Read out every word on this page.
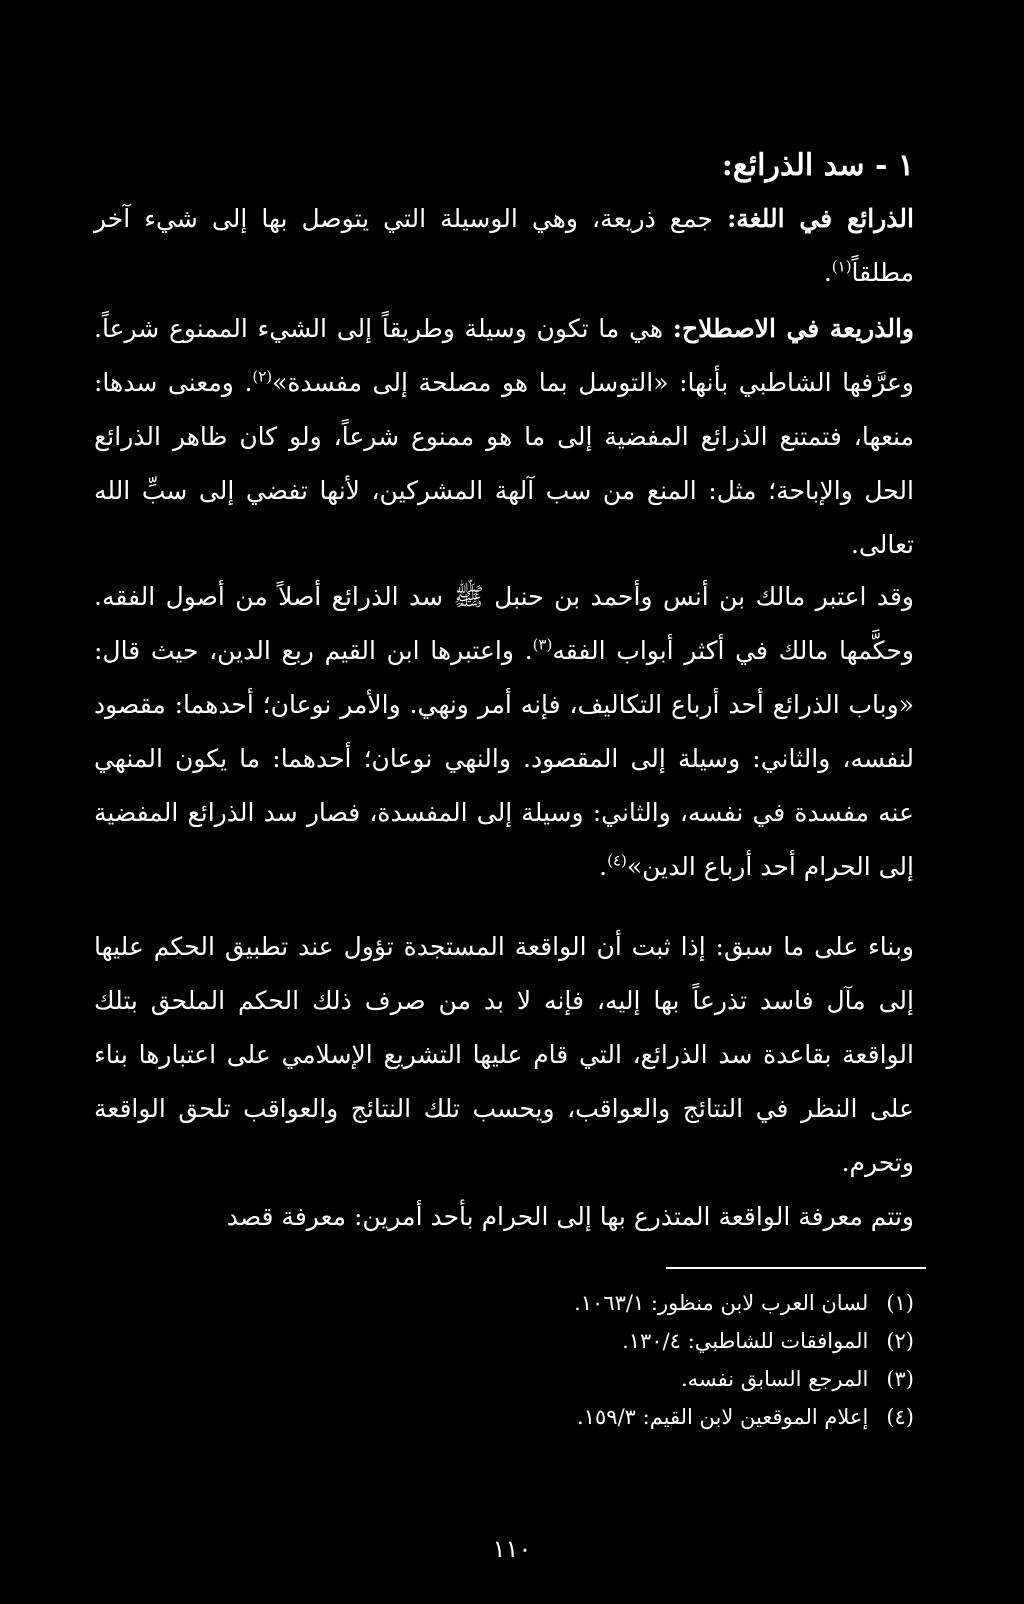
١ - سد الذرائع:

الذرائع في اللغة: جمع ذريعة، وهي الوسيلة التي يتوصل بها إلى شيء آخر مطلقاً$^{(١)}$.

والذريعة في الاصطلاح: هي ما تكون وسيلة وطريقاً إلى الشيء الممنوع شرعاً. وعرَّفها الشاطبي بأنها: «التوسل بما هو مصلحة إلى مفسدة»$^{(٢)}$. ومعنى سدها: منعها، فتمتنع الذرائع المفضية إلى ما هو ممنوع شرعاً، ولو كان ظاهر الذرائع الحل والإباحة؛ مثل: المنع من سب آلهة المشركين، لأنها تفضي إلى سبِّ الله تعالى.

وقد اعتبر مالك بن أنس وأحمد بن حنبل ﷺ سد الذرائع أصلاً من أصول الفقه. وحكَّمها مالك في أكثر أبواب الفقه$^{(٣)}$. واعتبرها ابن القيم ربع الدين، حيث قال: «وباب الذرائع أحد أرباع التكاليف، فإنه أمر ونهي. والأمر نوعان؛ أحدهما: مقصود لنفسه، والثاني: وسيلة إلى المقصود. والنهي نوعان؛ أحدهما: ما يكون المنهي عنه مفسدة في نفسه، والثاني: وسيلة إلى المفسدة، فصار سد الذرائع المفضية إلى الحرام أحد أرباع الدين»$^{(٤)}$.

وبناء على ما سبق: إذا ثبت أن الواقعة المستجدة تؤول عند تطبيق الحكم عليها إلى مآل فاسد تذرعاً بها إليه، فإنه لا بد من صرف ذلك الحكم الملحق بتلك الواقعة بقاعدة سد الذرائع، التي قام عليها التشريع الإسلامي على اعتبارها بناء على النظر في النتائج والعواقب، ويحسب تلك النتائج والعواقب تلحق الواقعة وتحرم.

وتتم معرفة الواقعة المتذرع بها إلى الحرام بأحد أمرين: معرفة قصد

(١)لسان العرب لابن منظور: ١٠٦٣/١.
(٢)الموافقات للشاطبي: ١٣٠/٤.
(٣)المرجع السابق نفسه.
(٤)إعلام الموقعين لابن القيم: ١٥٩/٣.
١١٠
